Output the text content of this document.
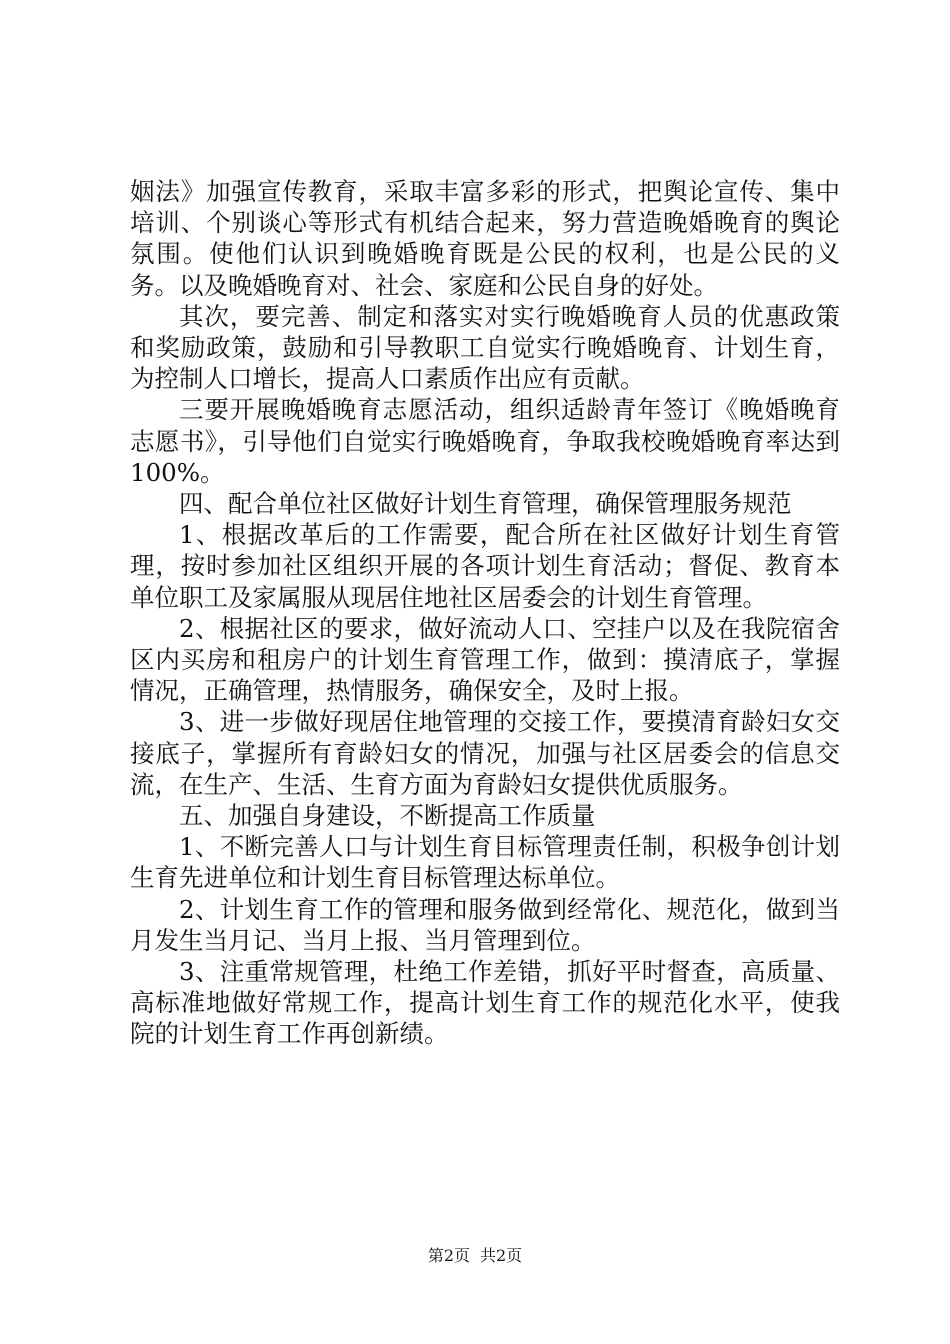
姻法》加强宣传教育，采取丰富多彩的形式，把舆论宣传、集中培训、个别谈心等形式有机结合起来，努力营造晚婚晚育的舆论氛围。使他们认识到晚婚晚育既是公民的权利，也是公民的义务。以及晚婚晚育对、社会、家庭和公民自身的好处。

其次，要完善、制定和落实对实行晚婚晚育人员的优惠政策和奖励政策，鼓励和引导教职工自觉实行晚婚晚育、计划生育，为控制人口增长，提高人口素质作出应有贡献。

三要开展晚婚晚育志愿活动，组织适龄青年签订《晚婚晚育志愿书》，引导他们自觉实行晚婚晚育，争取我校晚婚晚育率达到100%。

四、配合单位社区做好计划生育管理，确保管理服务规范

1、根据改革后的工作需要，配合所在社区做好计划生育管理，按时参加社区组织开展的各项计划生育活动；督促、教育本单位职工及家属服从现居住地社区居委会的计划生育管理。

2、根据社区的要求，做好流动人口、空挂户以及在我院宿舍区内买房和租房户的计划生育管理工作，做到：摸清底子，掌握情况，正确管理，热情服务，确保安全，及时上报。

3、进一步做好现居住地管理的交接工作，要摸清育龄妇女交接底子，掌握所有育龄妇女的情况，加强与社区居委会的信息交流，在生产、生活、生育方面为育龄妇女提供优质服务。

五、加强自身建设，不断提高工作质量

1、不断完善人口与计划生育目标管理责任制，积极争创计划生育先进单位和计划生育目标管理达标单位。

2、计划生育工作的管理和服务做到经常化、规范化，做到当月发生当月记、当月上报、当月管理到位。

3、注重常规管理，杜绝工作差错，抓好平时督查，高质量、高标准地做好常规工作，提高计划生育工作的规范化水平，使我院的计划生育工作再创新绩。

第2页 共2页
